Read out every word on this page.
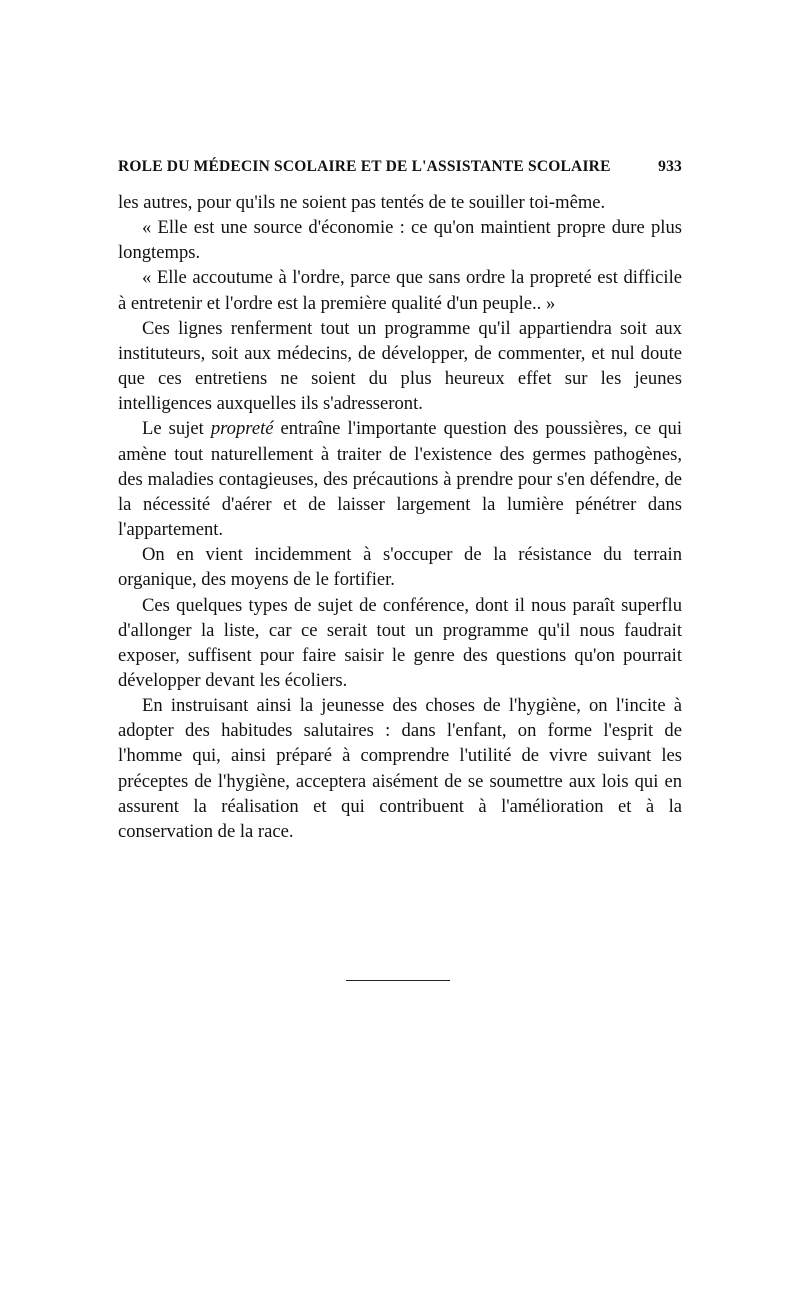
ROLE DU MÉDECIN SCOLAIRE ET DE L'ASSISTANTE SCOLAIRE	933

les autres, pour qu'ils ne soient pas tentés de te souiller toi-même.

« Elle est une source d'économie : ce qu'on maintient propre dure plus longtemps.

« Elle accoutume à l'ordre, parce que sans ordre la propreté est difficile à entretenir et l'ordre est la première qualité d'un peuple.. »

Ces lignes renferment tout un programme qu'il appartiendra soit aux instituteurs, soit aux médecins, de développer, de commenter, et nul doute que ces entretiens ne soient du plus heureux effet sur les jeunes intelligences auxquelles ils s'adresseront.

Le sujet propreté entraîne l'importante question des poussières, ce qui amène tout naturellement à traiter de l'existence des germes pathogènes, des maladies contagieuses, des précautions à prendre pour s'en défendre, de la nécessité d'aérer et de laisser largement la lumière pénétrer dans l'appartement.

On en vient incidemment à s'occuper de la résistance du terrain organique, des moyens de le fortifier.

Ces quelques types de sujet de conférence, dont il nous paraît superflu d'allonger la liste, car ce serait tout un programme qu'il nous faudrait exposer, suffisent pour faire saisir le genre des questions qu'on pourrait développer devant les écoliers.

En instruisant ainsi la jeunesse des choses de l'hygiène, on l'incite à adopter des habitudes salutaires : dans l'enfant, on forme l'esprit de l'homme qui, ainsi préparé à comprendre l'utilité de vivre suivant les préceptes de l'hygiène, acceptera aisément de se soumettre aux lois qui en assurent la réalisation et qui contribuent à l'amélioration et à la conservation de la race.
